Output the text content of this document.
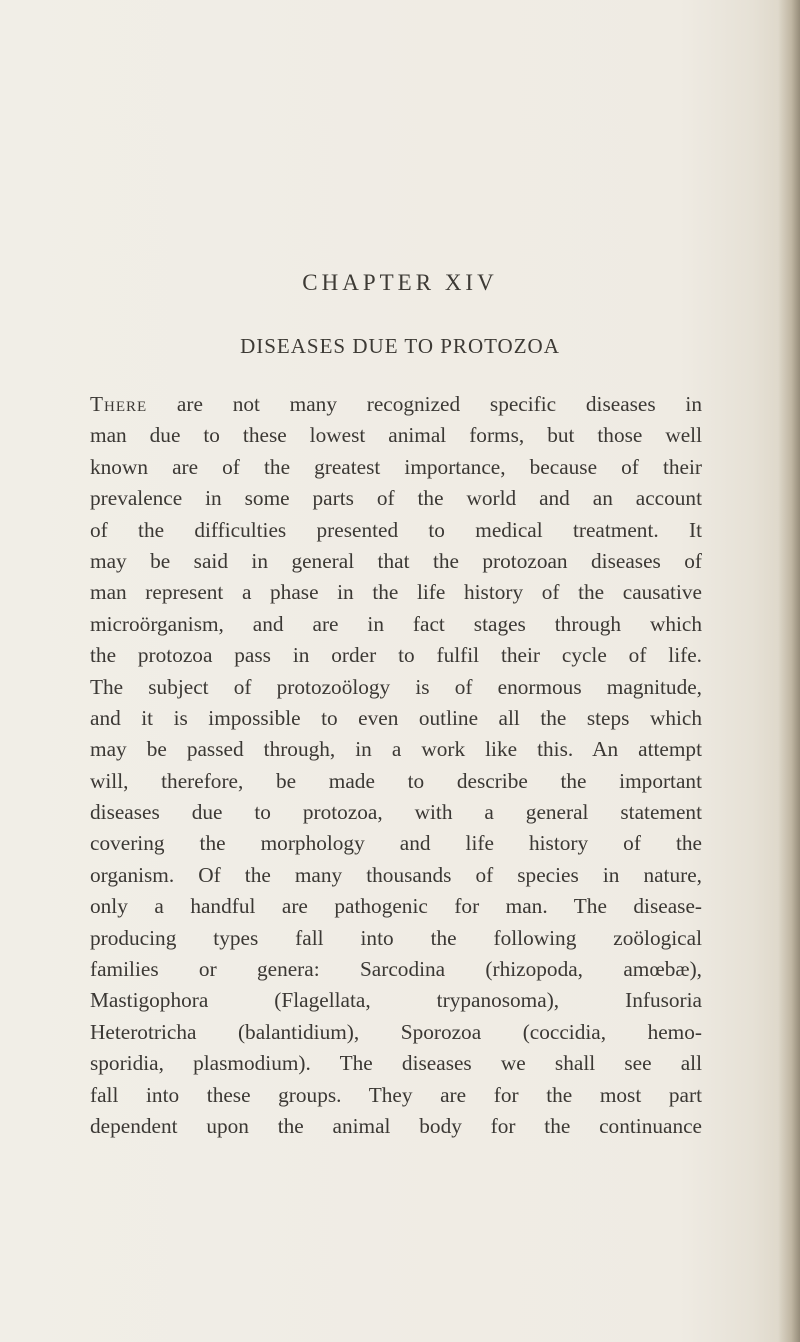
CHAPTER XIV
DISEASES DUE TO PROTOZOA
There are not many recognized specific diseases in
man due to these lowest animal forms, but those well
known are of the greatest importance, because of their
prevalence in some parts of the world and an account
of the difficulties presented to medical treatment. It
may be said in general that the protozoan diseases of
man represent a phase in the life history of the causative
microörganism, and are in fact stages through which
the protozoa pass in order to fulfil their cycle of life.
The subject of protozoölogy is of enormous magnitude,
and it is impossible to even outline all the steps which
may be passed through, in a work like this. An attempt
will, therefore, be made to describe the important
diseases due to protozoa, with a general statement
covering the morphology and life history of the
organism. Of the many thousands of species in nature,
only a handful are pathogenic for man. The disease-
producing types fall into the following zoölogical
families or genera: Sarcodina (rhizopoda, amœbæ),
Mastigophora (Flagellata, trypanosoma), Infusoria
Heterotricha (balantidium), Sporozoa (coccidia, hemo-
sporidia, plasmodium). The diseases we shall see all
fall into these groups. They are for the most part
dependent upon the animal body for the continuance
